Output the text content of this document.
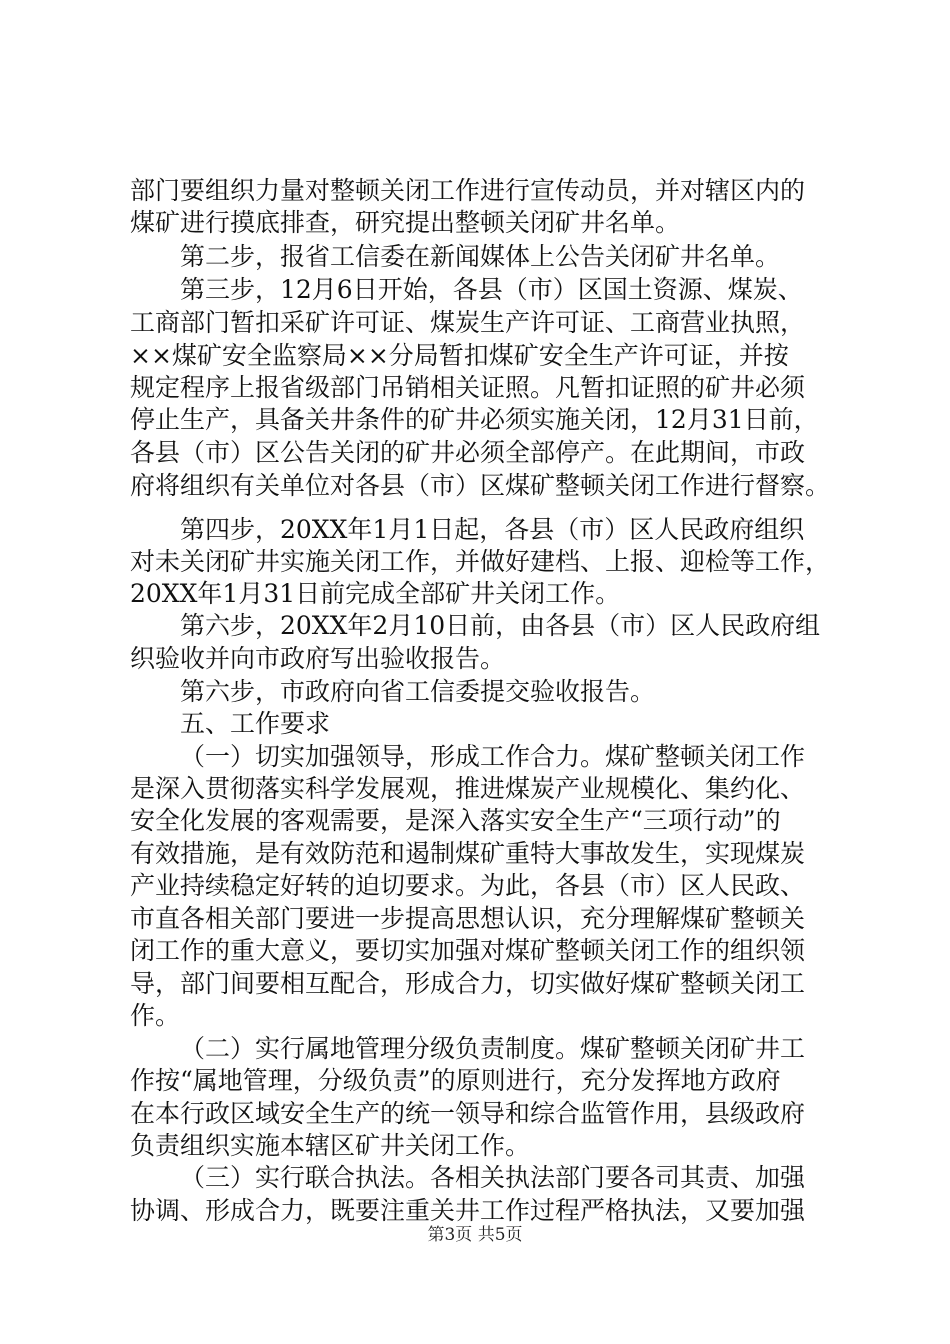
部门要组织力量对整顿关闭工作进行宣传动员，并对辖区内的
煤矿进行摸底排查，研究提出整顿关闭矿井名单。
第二步，报省工信委在新闻媒体上公告关闭矿井名单。
第三步，12月6日开始，各县（市）区国土资源、煤炭、
工商部门暂扣采矿许可证、煤炭生产许可证、工商营业执照，
××煤矿安全监察局××分局暂扣煤矿安全生产许可证，并按
规定程序上报省级部门吊销相关证照。凡暂扣证照的矿井必须
停止生产，具备关井条件的矿井必须实施关闭，12月31日前，
各县（市）区公告关闭的矿井必须全部停产。在此期间，市政
府将组织有关单位对各县（市）区煤矿整顿关闭工作进行督察。
第四步，20XX年1月1日起，各县（市）区人民政府组织
对未关闭矿井实施关闭工作，并做好建档、上报、迎检等工作，
20XX年1月31日前完成全部矿井关闭工作。
第六步，20XX年2月10日前，由各县（市）区人民政府组
织验收并向市政府写出验收报告。
第六步，市政府向省工信委提交验收报告。
五、工作要求
（一）切实加强领导，形成工作合力。煤矿整顿关闭工作
是深入贯彻落实科学发展观，推进煤炭产业规模化、集约化、
安全化发展的客观需要，是深入落实安全生产“三项行动”的
有效措施，是有效防范和遏制煤矿重特大事故发生，实现煤炭
产业持续稳定好转的迫切要求。为此，各县（市）区人民政、
市直各相关部门要进一步提高思想认识，充分理解煤矿整顿关
闭工作的重大意义，要切实加强对煤矿整顿关闭工作的组织领
导，部门间要相互配合，形成合力，切实做好煤矿整顿关闭工
作。
（二）实行属地管理分级负责制度。煤矿整顿关闭矿井工
作按“属地管理，分级负责”的原则进行，充分发挥地方政府
在本行政区域安全生产的统一领导和综合监管作用，县级政府
负责组织实施本辖区矿井关闭工作。
（三）实行联合执法。各相关执法部门要各司其责、加强
协调、形成合力，既要注重关井工作过程严格执法，又要加强
第3页 共5页
